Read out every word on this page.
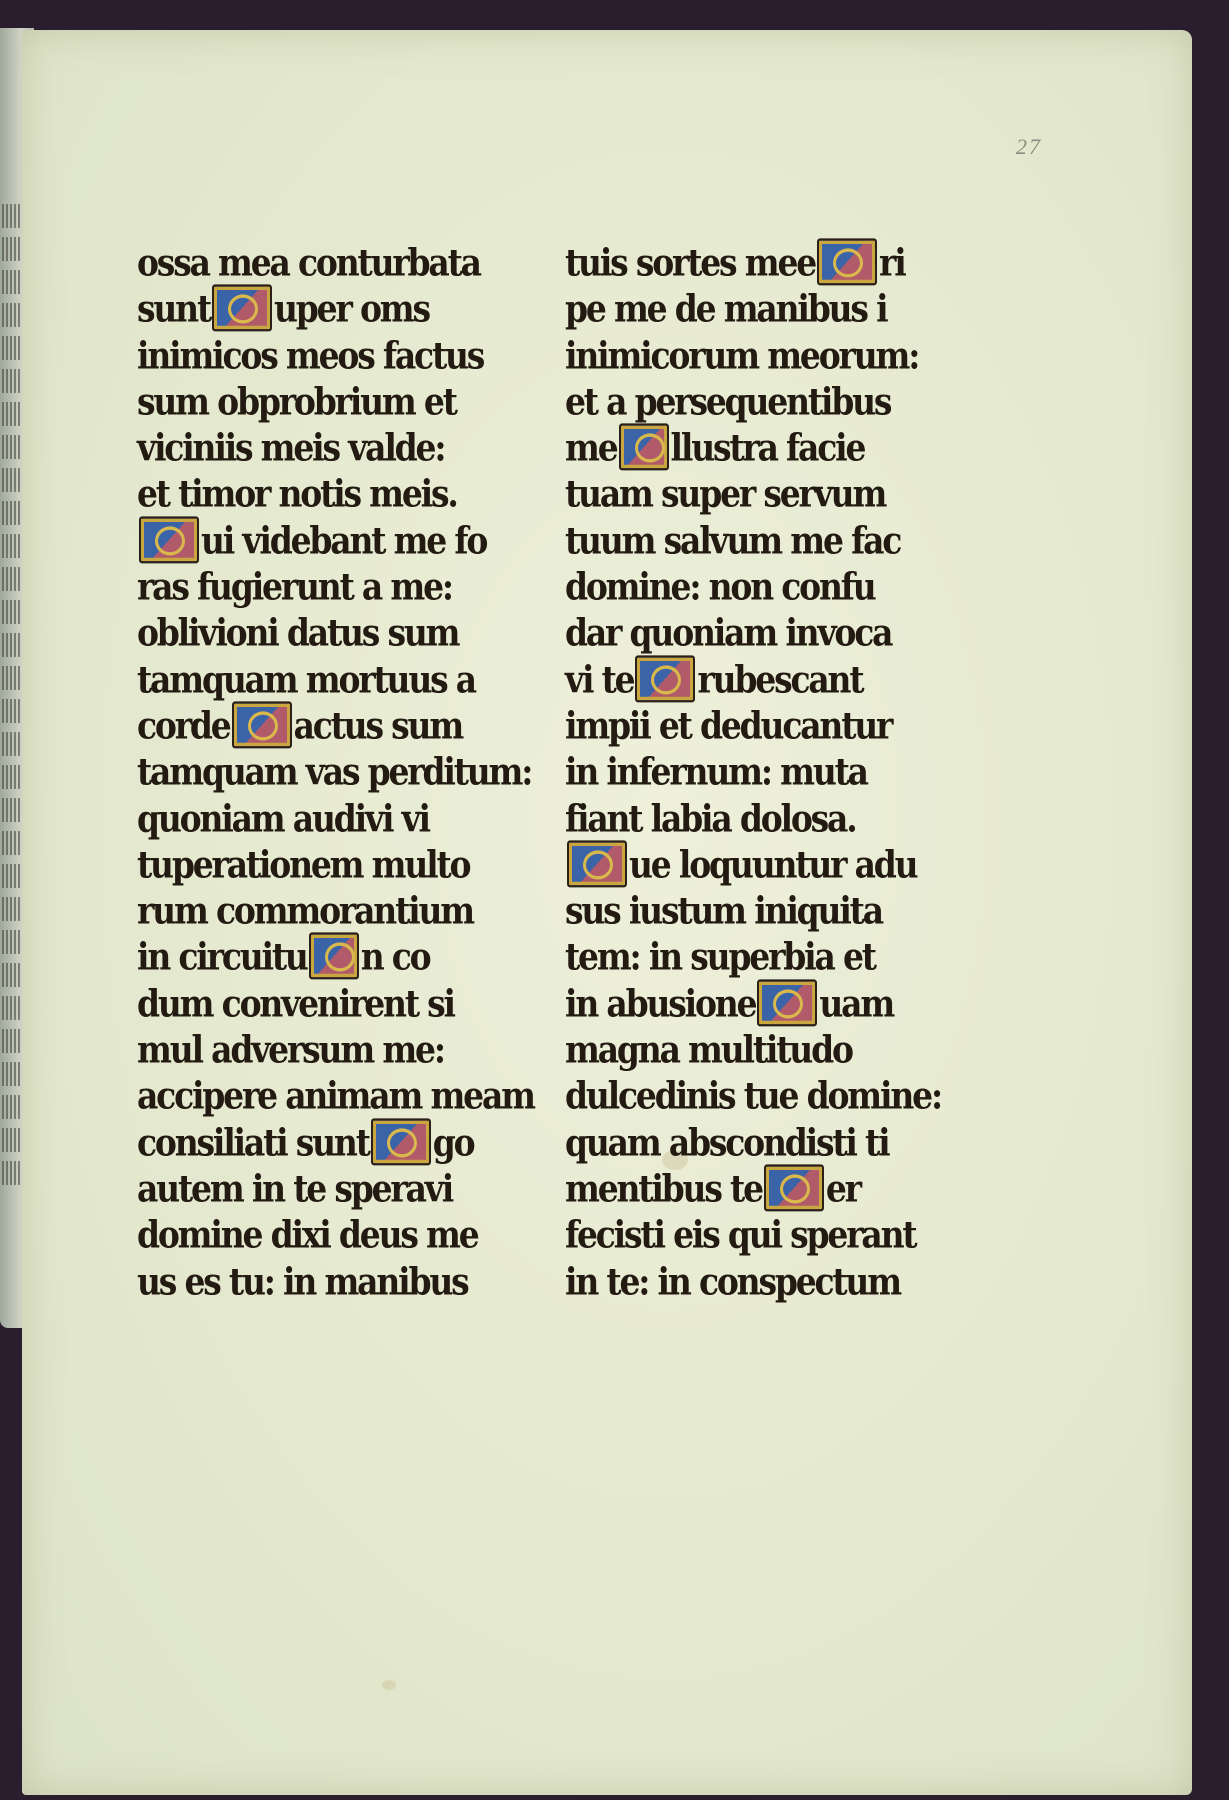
27
ossa mea conturbata
sunt uper oms
inimicos meos factus
sum obprobrium et
viciniis meis valde:
et timor notis meis.
ui videbant me fo
ras fugierunt a me:
oblivioni datus sum
tamquam mortuus a
corde actus sum
tamquam vas perditum:
quoniam audivi vi
tuperationem multo
rum commorantium
in circuitu n co
dum convenirent si
mul adversum me:
accipere animam meam
consiliati sunt go
autem in te speravi
domine dixi deus me
us es tu: in manibus
tuis sortes mee ri
pe me de manibus i
inimicorum meorum:
et a persequentibus
me llustra facie
tuam super servum
tuum salvum me fac
domine: non confu
dar quoniam invoca
vi te rubescant
impii et deducantur
in infernum: muta
fiant labia dolosa.
ue loquuntur adu
sus iustum iniquita
tem: in superbia et
in abusione uam
magna multitudo
dulcedinis tue domine:
quam abscondisti ti
mentibus te er
fecisti eis qui sperant
in te: in conspectum
